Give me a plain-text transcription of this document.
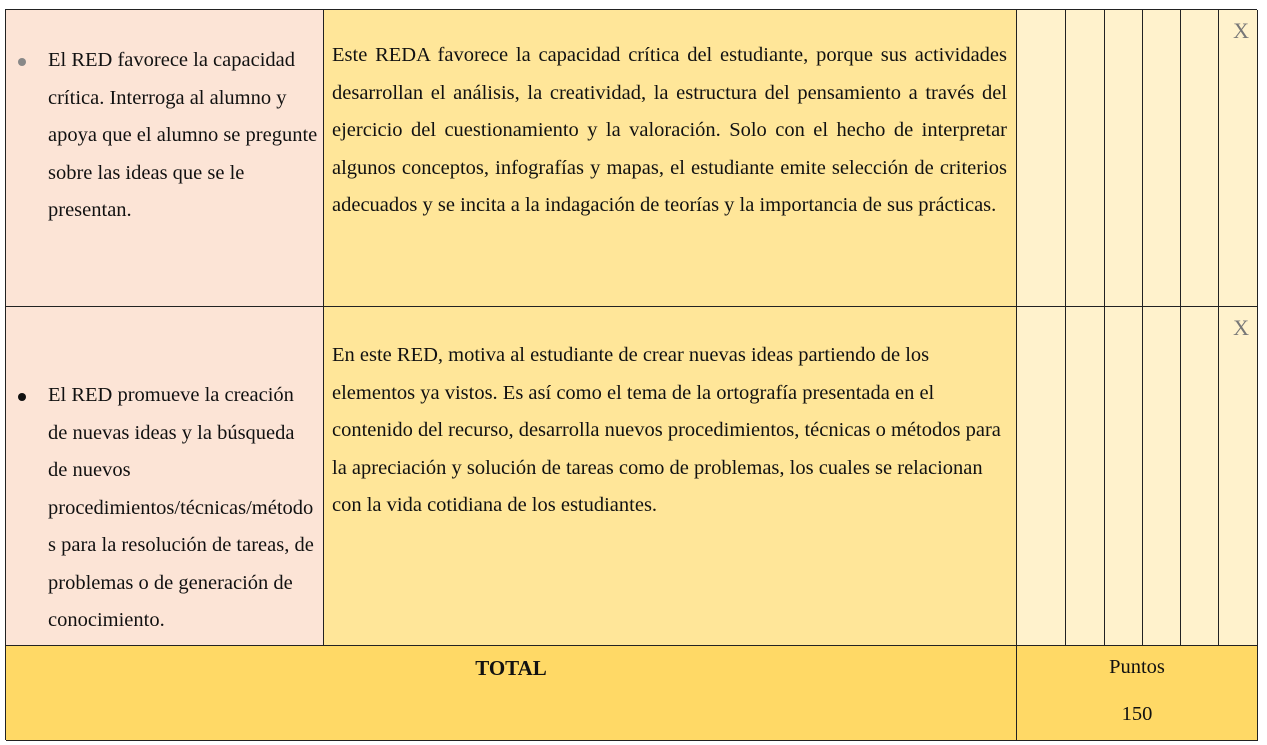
El RED favorece la capacidad crítica. Interroga al alumno y apoya que el alumno se pregunte sobre las ideas que se le presentan.
Este REDA favorece la capacidad crítica del estudiante, porque sus actividades desarrollan el análisis, la creatividad, la estructura del pensamiento a través del ejercicio del cuestionamiento y la valoración. Solo con el hecho de interpretar algunos conceptos, infografías y mapas, el estudiante emite selección de criterios adecuados y se incita a la indagación de teorías y la importancia de sus prácticas.
X
El RED promueve la creación de nuevas ideas y la búsqueda de nuevos procedimientos/técnicas/métodos para la resolución de tareas, de problemas o de generación de conocimiento.
En este RED, motiva al estudiante de crear nuevas ideas partiendo de los elementos ya vistos. Es así como el tema de la ortografía presentada en el contenido del recurso, desarrolla nuevos procedimientos, técnicas o métodos para la apreciación y solución de tareas como de problemas, los cuales se relacionan con la vida cotidiana de los estudiantes.
X
TOTAL	Puntos
150
